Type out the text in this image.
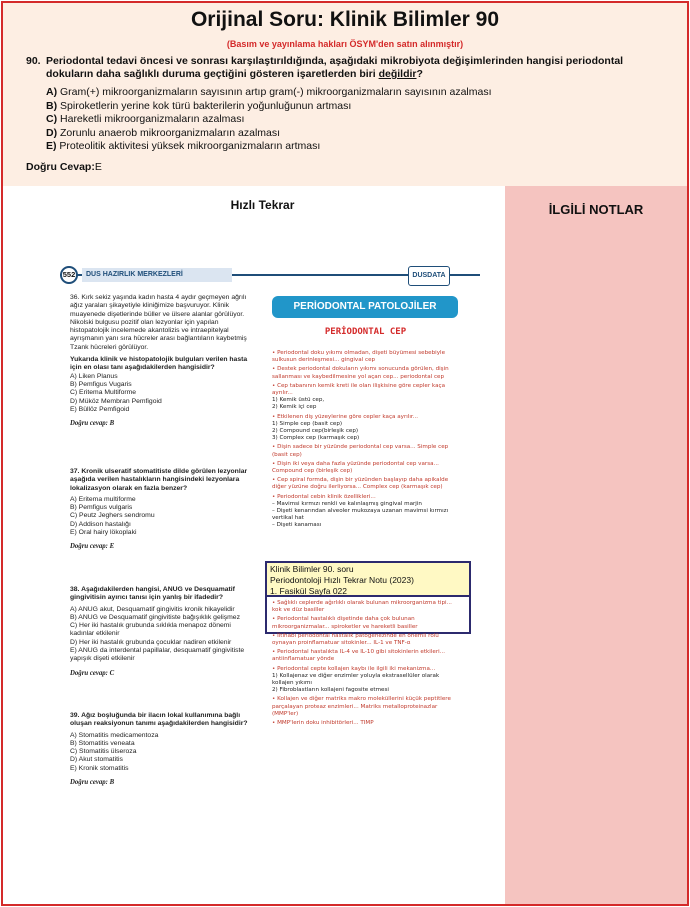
Orijinal Soru: Klinik Bilimler 90
(Basım ve yayınlama hakları ÖSYM'den satın alınmıştır)
90. Periodontal tedavi öncesi ve sonrası karşılaştırıldığında, aşağıdaki mikrobiyota değişimlerinden hangisi periodontal dokuların daha sağlıklı duruma geçtiğini gösteren işaretlerden biri değildir?
A) Gram(+) mikroorganizmaların sayısının artıp gram(-) mikroorganizmaların sayısının azalması
B) Spiroketlerin yerine kok türü bakterilerin yoğunluğunun artması
C) Hareketli mikroorganizmaların azalması
D) Zorunlu anaerob mikroorganizmaların azalması
E) Proteolitik aktivitesi yüksek mikroorganizmaların artması
Doğru Cevap:E
Hızlı Tekrar	İLGİLİ NOTLAR
DUS HAZIRLIK MERKEZLERİ
552	DUSDATA
36. Kırk sekiz yaşında kadın hasta 4 aydır geçmeyen ağrılı ağız yaraları şikayetiyle kliniğimize başvuruyor. Klinik muayenede dişetlerinde büller ve ülsere alanlar görülüyor. Nikolski bulgusu pozitif olan lezyonlar için yapılan histopatolojik incelemede akantolizis ve intraepitelyal ayrışmanın yanı sıra hücreler arası bağlantıların kaybetmiş Tzank hücreleri görülüyor.
Yukarıda klinik ve histopatolojik bulguları verilen hasta için en olası tanı aşağıdakilerden hangisidir?
A) Liken Planus
B) Pemfigus Vugaris
C) Eritema Multiforme
D) Müköz Membran Pemfigoid
E) Büllöz Pemfigoid
Doğru cevap: B
37. Kronik ulseratif stomatitiste dilde görülen lezyonlar aşağıda verilen hastalıkların hangisindeki lezyonlara lokalizasyon olarak en fazla benzer?
A) Eritema multiforme
B) Pemfigus vulgaris
C) Peutz Jeghers sendromu
D) Addison hastalığı
E) Oral hairy lökoplaki
Doğru cevap: E
38. Aşağıdakilerden hangisi, ANUG ve Desquamatif gingivitisin ayırıcı tanısı için yanlış bir ifadedir?
A) ANUG akut, Desquamatif gingivitis kronik hikayelidir
B) ANUG ve Desquamatif gingivitiste bağışıklık gelişmez
C) Her iki hastalık grubunda sıklıkla menapoz dönemi kadınlar etkilenir
D) Her iki hastalık grubunda çocuklar nadiren etkilenir
E) ANUG da interdental papillalar, desquamatif gingivitiste yapışık dişeti etkilenir
Doğru cevap: C
39. Ağız boşluğunda bir ilacın lokal kullanımına bağlı oluşan reaksiyonun tanımı aşağıdakilerden hangisidir?
A) Stomatitis medicamentoza
B) Stomatitis veneata
C) Stomatitis ülseroza
D) Akut stomatitis
E) Kronik stomatitis
Doğru cevap: B
PERİODONTAL PATOLOJİLER
PERİODONTAL CEP
• Periodontal doku yıkımı olmadan, dişeti büyümesi sebebiyle sulkusun derinleşmesi... gingival cep
• Destek periodontal dokuların yıkımı sonucunda görülen, dişin sallanması ve kaybedilmesine yol açan cep... periodontal cep
• Cep tabanının kemik kreti ile olan ilişkisine göre cepler kaça ayrılır...
1) Kemik üstü cep,
2) Kemik içi cep
• Etkilenen diş yüzeylerine göre cepler kaça ayrılır...
1) Simple cep (basit cep)
2) Compound cep(birleşik cep)
3) Complex cep (karmaşık cep)
• Dişin sadece bir yüzünde periodontal cep varsa... Simple cep (basit cep)
• Dişin iki veya daha fazla yüzünde periodontal cep varsa... Compound cep (birleşik cep)
• Cep spiral formda, dişin bir yüzünden başlayıp daha apikalde diğer yüzüne doğru ilerliyorsa... Complex cep (karmaşık cep)
• Periodontal cebin klinik özellikleri...
– Mavimsi kırmızı renkli ve kalınlaşmış gingival marjin
– Dişeti kenarından alveoler mukozaya uzanan mavimsi kırmızı vertikal hat
– Dişeti kanaması
Klinik Bilimler 90. soru
Periodontoloji Hızlı Tekrar Notu (2023)
1. Fasikül Sayfa 022
• Sağlıklı ceplerde ağırlıklı olarak bulunan mikroorganizma tipi... kok ve düz basiller
• Periodontal hastalıklı dişetinde daha çok bulunan mikroorganizmalar... spiroketler ve hareketli basiller
• İltihabi periodontal hastalık patogenezinde en önemli rolü oynayan proinflamatuar sitokinler... IL-1 ve TNF-α
• Periodontal hastalıkta IL-4 ve IL-10 gibi sitokinlerin etkileri... antiinflamatuar yönde
• Periodontal cepte kollajen kaybı ile ilgili iki mekanizma...
1) Kollajenaz ve diğer enzimler yoluyla ekstrasellüler olarak kollajen yıkımı
2) Fibroblastların kollajeni fagosite etmesi
• Kollajen ve diğer matriks makro moleküllerini küçük peptitlere parçalayan proteaz enzimleri... Matriks metalloproteinazlar (MMP'ler)
• MMP'lerin doku inhibitörleri... TIMP
